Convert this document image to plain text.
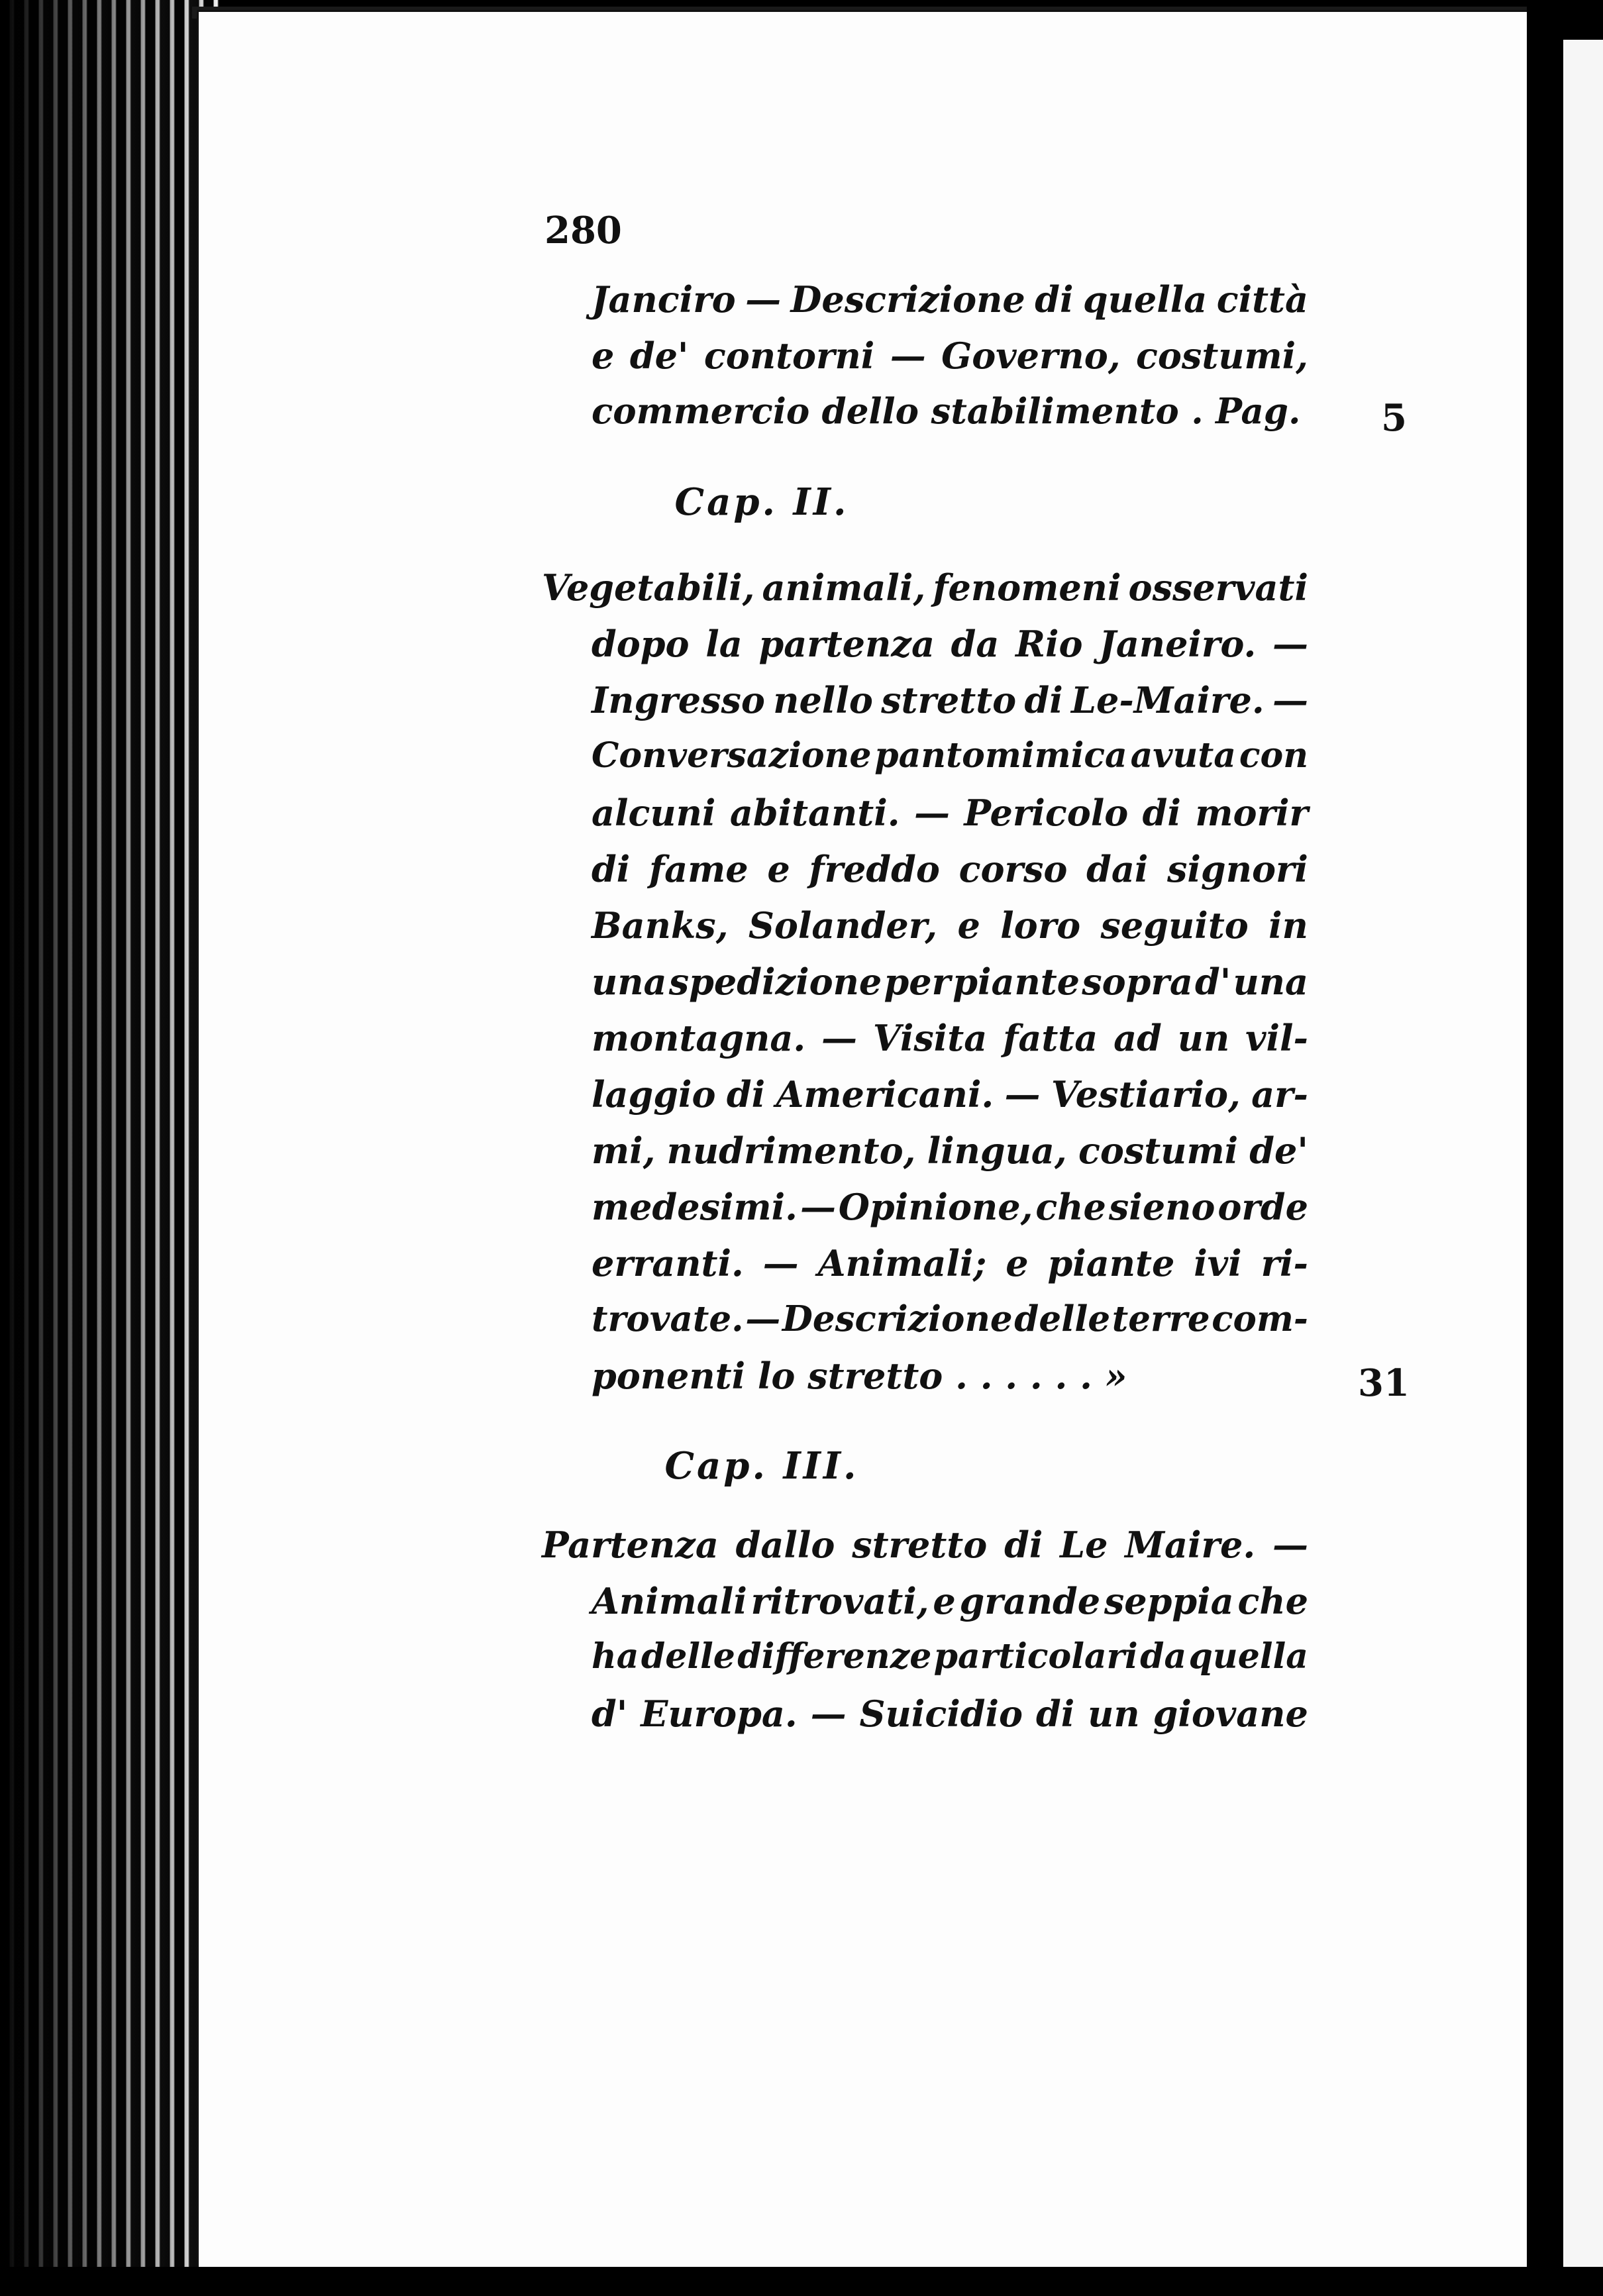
280
Janciro — Descrizione di quella città
e de' contorni — Governo, costumi,
commercio dello stabilimento . Pag. 5
Cap. II.
Vegetabili, animali, fenomeni osservati
dopo la partenza da Rio Janeiro. —
Ingresso nello stretto di Le-Maire. —
Conversazione pantomimica avuta con
alcuni abitanti. — Pericolo di morir
di fame e freddo corso dai signori
Banks, Solander, e loro seguito in
una spedizione per piante sopra d' una
montagna. — Visita fatta ad un vil-
laggio di Americani. — Vestiario, ar-
mi, nudrimento, lingua, costumi de'
medesimi. — Opinione, che sieno orde
erranti. — Animali; e piante ivi ri-
trovate. — Descrizione delle terre com-
ponenti lo stretto . . . . . . »	31
Cap. III.
Partenza dallo stretto di Le Maire. —
Animali ritrovati, e grande seppia che
ha delle differenze particolari da quella
d' Europa. — Suicidio di un giovane
